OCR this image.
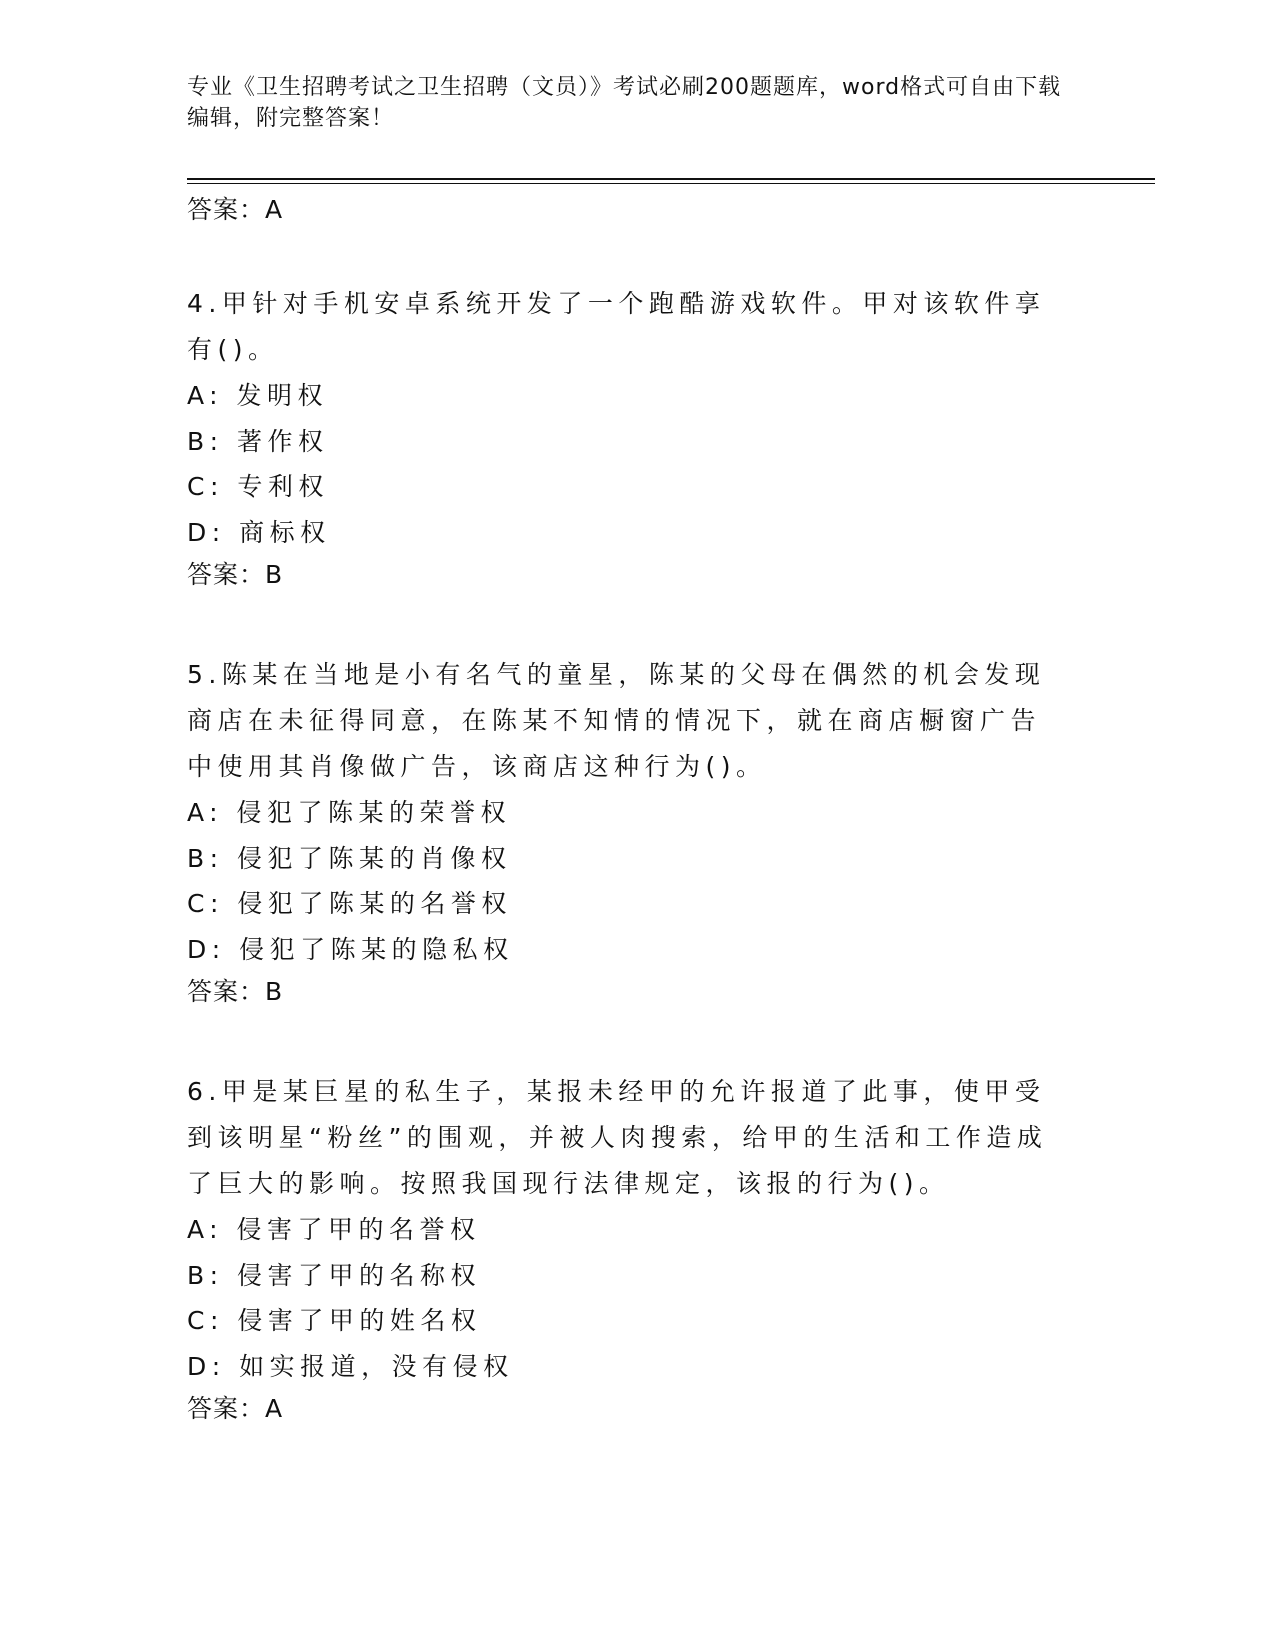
专业《卫生招聘考试之卫生招聘（文员）》考试必刷200题题库，word格式可自由下载编辑，附完整答案！
答案：A
4.甲针对手机安卓系统开发了一个跑酷游戏软件。甲对该软件享有()。
A: 发明权
B: 著作权
C: 专利权
D: 商标权
答案：B
5.陈某在当地是小有名气的童星，陈某的父母在偶然的机会发现商店在未征得同意，在陈某不知情的情况下，就在商店橱窗广告中使用其肖像做广告，该商店这种行为()。
A: 侵犯了陈某的荣誉权
B: 侵犯了陈某的肖像权
C: 侵犯了陈某的名誉权
D: 侵犯了陈某的隐私权
答案：B
6.甲是某巨星的私生子，某报未经甲的允许报道了此事，使甲受到该明星“粉丝”的围观，并被人肉搜索，给甲的生活和工作造成了巨大的影响。按照我国现行法律规定，该报的行为()。
A: 侵害了甲的名誉权
B: 侵害了甲的名称权
C: 侵害了甲的姓名权
D: 如实报道，没有侵权
答案：A
